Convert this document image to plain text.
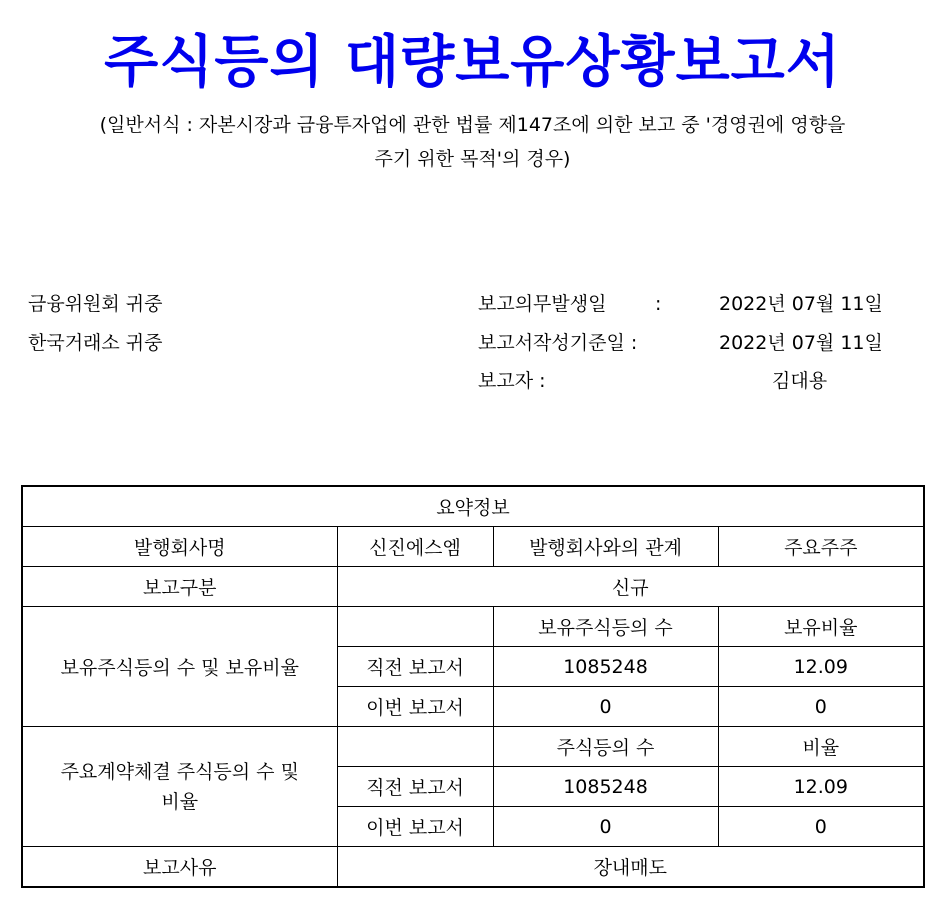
주식등의 대량보유상황보고서
(일반서식 : 자본시장과 금융투자업에 관한 법률 제147조에 의한 보고 중 '경영권에 영향을
주기 위한 목적'의 경우)
금융위원회 귀중
한국거래소 귀중
보고의무발생일	:	2022년 07월 11일
보고서작성기준일 :	2022년 07월 11일
보고자 :	김대용
요약정보			
발행회사명	신진에스엠	발행회사와의 관계	주요주주
보고구분	신규		
보유주식등의 수 및 보유비율		보유주식등의 수	보유비율
	직전 보고서	1085248	12.09
	이번 보고서	0	0
주요계약체결 주식등의 수 및 비율		주식등의 수	비율
	직전 보고서	1085248	12.09
	이번 보고서	0	0
보고사유	장내매도		
